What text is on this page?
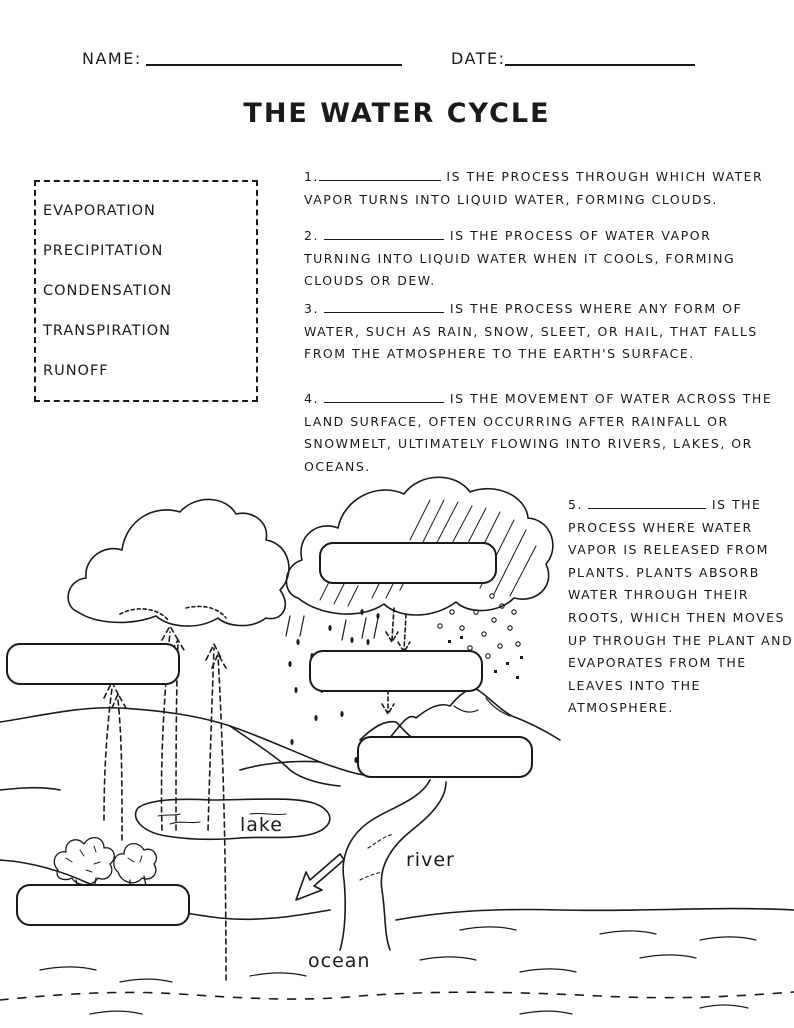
NAME:	DATE:
THE WATER CYCLE
EVAPORATION
PRECIPITATION
CONDENSATION
TRANSPIRATION
RUNOFF
1.	IS THE PROCESS THROUGH WHICH WATER
VAPOR TURNS INTO LIQUID WATER, FORMING CLOUDS.
2.	IS THE PROCESS OF WATER VAPOR
TURNING INTO LIQUID WATER WHEN IT COOLS, FORMING
CLOUDS OR DEW.
3.	IS THE PROCESS WHERE ANY FORM OF
WATER, SUCH AS RAIN, SNOW, SLEET, OR HAIL, THAT FALLS
FROM THE ATMOSPHERE TO THE EARTH'S SURFACE.
4.	IS THE MOVEMENT OF WATER ACROSS THE
LAND SURFACE, OFTEN OCCURRING AFTER RAINFALL OR
SNOWMELT, ULTIMATELY FLOWING INTO RIVERS, LAKES, OR
OCEANS.
5.	IS THE
PROCESS WHERE WATER
VAPOR IS RELEASED FROM
PLANTS. PLANTS ABSORB
WATER THROUGH THEIR
ROOTS, WHICH THEN MOVES
UP THROUGH THE PLANT AND
EVAPORATES FROM THE
LEAVES INTO THE
ATMOSPHERE.
lake
river
ocean
